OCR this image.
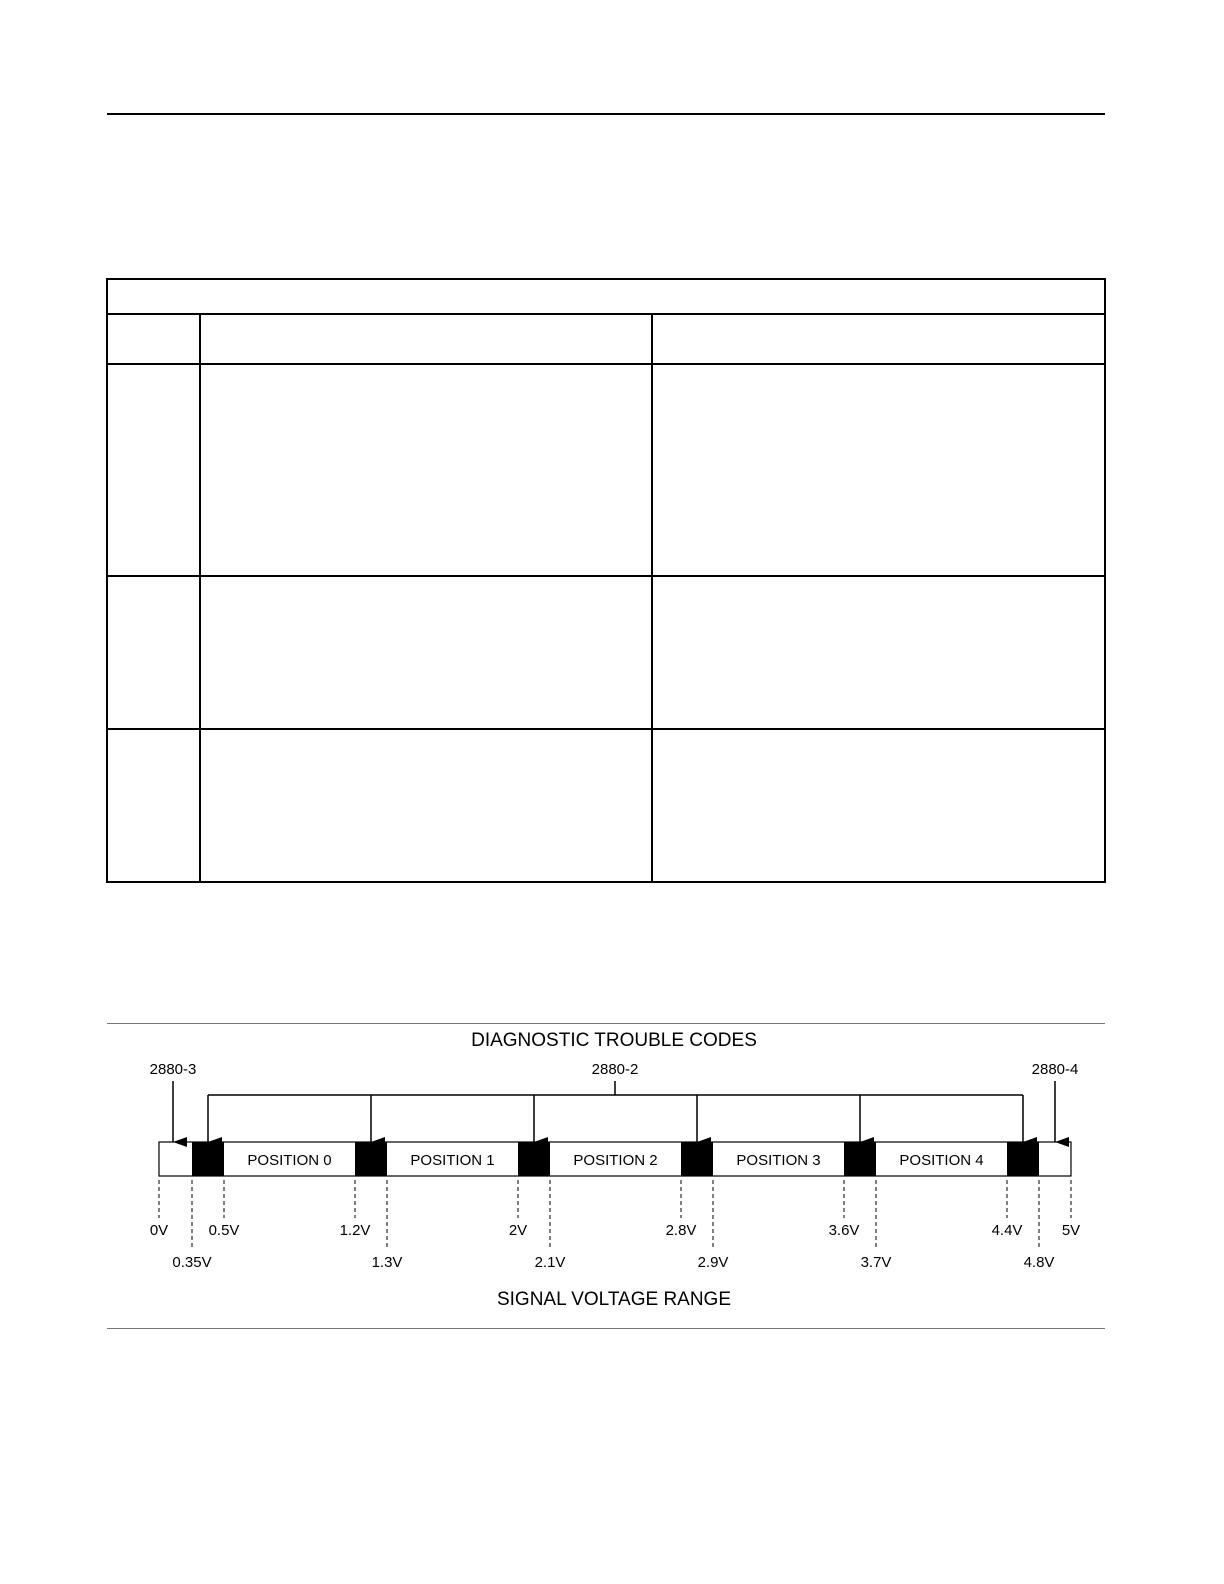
DIAGNOSTIC TROUBLE CODES
POSITION 0	POSITION 1	POSITION 2	POSITION 3	POSITION 4
2880-3	2880-2	2880-4
0V	0.5V	1.2V	2V	2.8V	3.6V	4.4V	5V
0.35V	1.3V	2.1V	2.9V	3.7V	4.8V
SIGNAL VOLTAGE RANGE
